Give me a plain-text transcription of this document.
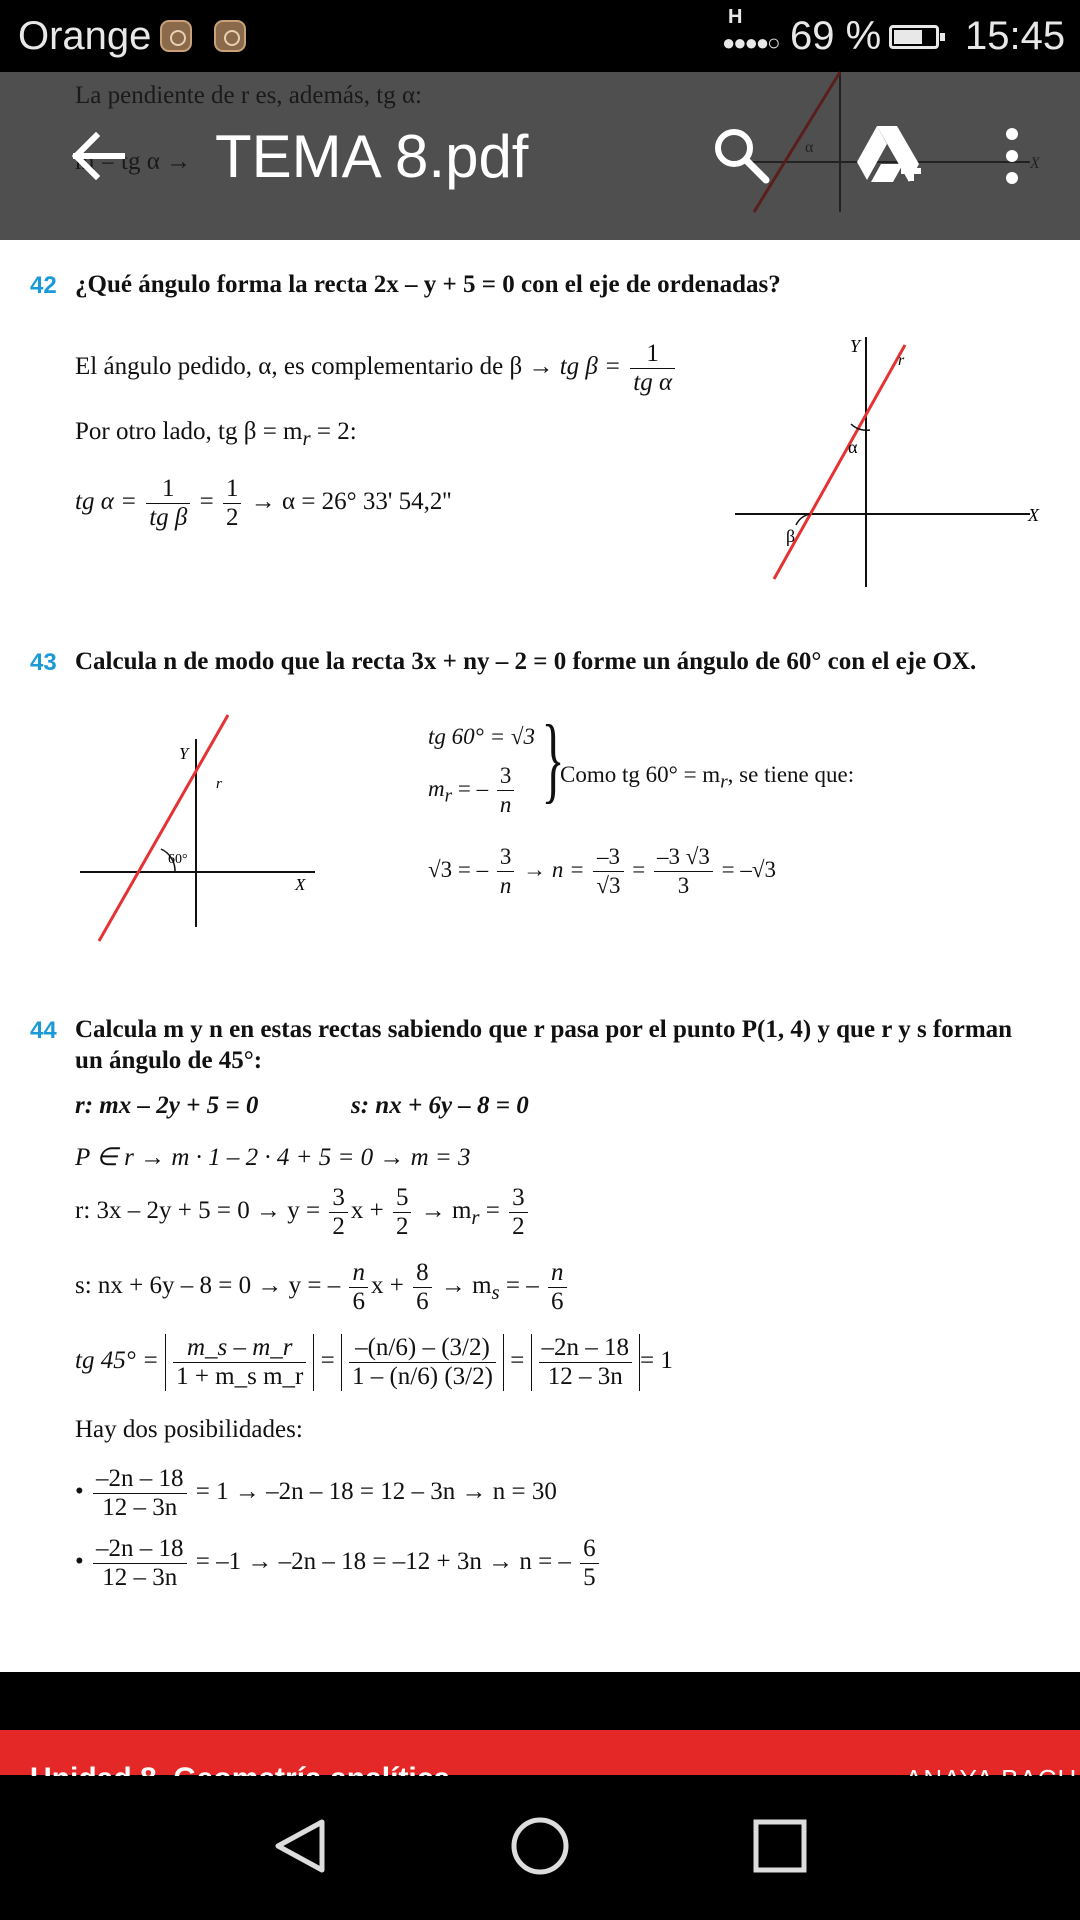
Orange	H
●●●●○ 69 % 15:45
42 ¿Qué ángulo forma la recta 2x – y + 5 = 0 con el eje de ordenadas?
El ángulo pedido, α, es complementario de β → tg $\beta = \frac{1}{\text{tg α}}$
Por otro lado, tg $\beta = m_r = 2$:
tg $\alpha = \frac{1}{\text{tg β}} = \frac{1}{2} \to \alpha = 26^\circ$ 33' 54,2''
Y
X
r
α
β
43 Calcula n de modo que la recta 3x + ny – 2 = 0 forme un ángulo de 60° con el eje OX.
Y
X
r
60°
tg 60° = √3
$m_r$ = – $\frac{3}{n}$ }
Como tg $60^\circ = m_r$, se tiene que:
√3 = – $\frac{3}{n} \to n = \frac{-3}{√3} = \frac{-3 √3}{3} = -√3$
44 Calcula m y n en estas rectas sabiendo que r pasa por el punto P(1, 4) y que r y s forman
un ángulo de 45°:
r: mx – 2y + 5 = 0	s: nx + 6y – 8 = 0
P ∈ r → m · 1 – 2 · 4 + 5 = 0 → m = 3
r: $3x - 2y + 5 = 0 \to y = \frac{3}{2}$ $x + \frac{5}{2} \to m_r = \frac{3}{2}$
s: nx + 6y – 8 = 0 → y = – $\frac{n}{6}$ $x + \frac{8}{6} \to m_s$ = – $\frac{n}{6}$
tg $45^\circ = \frac{m\_s - m\_r}{\text{1 + m\_s m\_r}} = \frac{-(n/6) - (3/2)}{1 - (n/6) (3/2)} = \frac{-2n - 18}{12 - 3n} = 1$
Hay dos posibilidades:
• $\frac{-2n - 18}{12 - 3n} = 1 \to -2n - 18 = 12 - 3n \to n = 30$
• $\frac{-2n - 18}{12 - 3n} = -1 \to -2n - 18 = -12 + 3n \to n$ = – $\frac{6}{5}$
La pendiente de r es, además, tg α:
m = tg α →
α
X
TEMA 8.pdf
